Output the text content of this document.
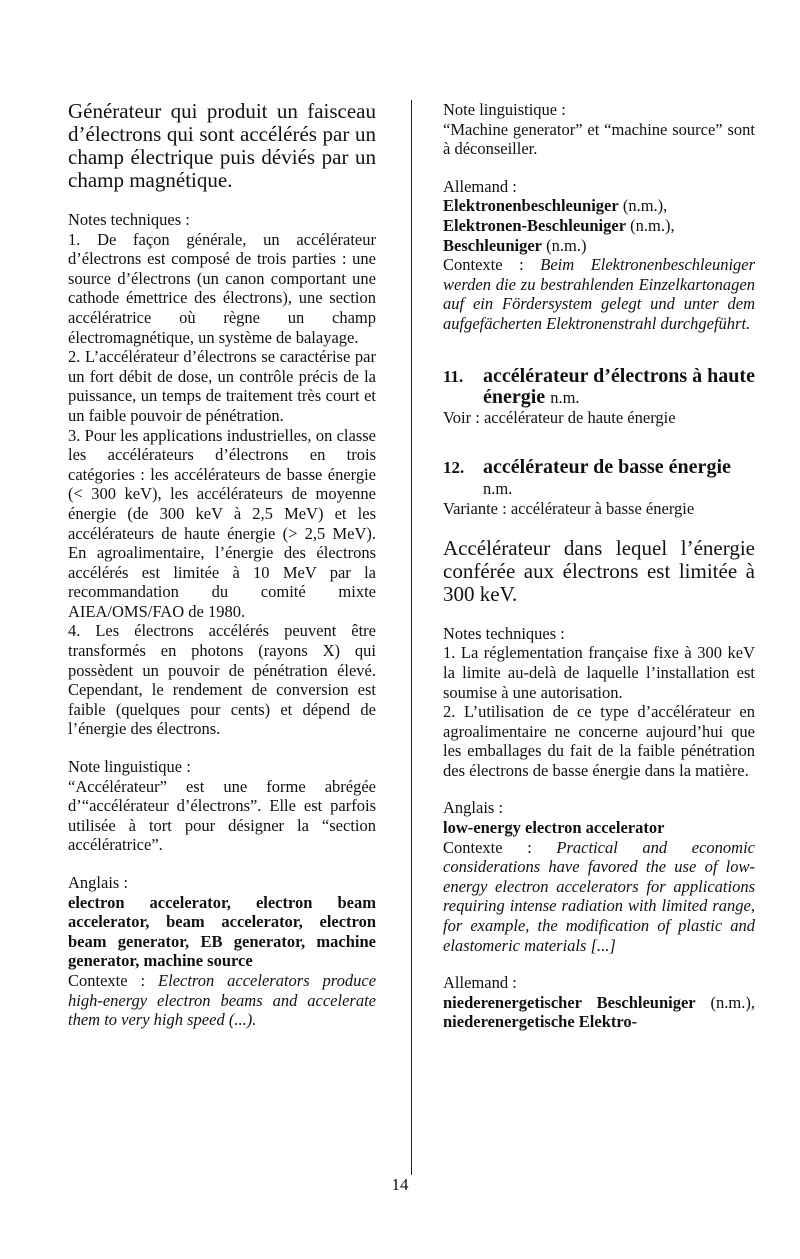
Générateur qui produit un faisceau d’électrons qui sont accélérés par un champ électrique puis déviés par un champ magnétique.

Notes techniques :

1. De façon générale, un accélérateur d’électrons est composé de trois parties : une source d’électrons (un canon comportant une cathode émettrice des électrons), une section accélératrice où règne un champ électromagnétique, un système de balayage.

2. L’accélérateur d’électrons se caractérise par un fort débit de dose, un contrôle précis de la puissance, un temps de traitement très court et un faible pouvoir de pénétration.

3. Pour les applications industrielles, on classe les accélérateurs d’électrons en trois catégories : les accélérateurs de basse énergie (< 300 keV), les accélérateurs de moyenne énergie (de 300 keV à 2,5 MeV) et les accélérateurs de haute énergie (> 2,5 MeV). En agroalimentaire, l’énergie des électrons accélérés est limitée à 10 MeV par la recommandation du comité mixte AIEA/OMS/FAO de 1980.

4. Les électrons accélérés peuvent être transformés en photons (rayons X) qui possèdent un pouvoir de pénétration élevé. Cependant, le rendement de conversion est faible (quelques pour cents) et dépend de l’énergie des électrons.

Note linguistique :

“Accélérateur” est une forme abrégée d’“accélérateur d’électrons”. Elle est parfois utilisée à tort pour désigner la “section accélératrice”.

Anglais :

electron accelerator, electron beam accelerator, beam accelerator, electron beam generator, EB generator, machine generator, machine source

Contexte : Electron accelerators produce high-energy electron beams and accelerate them to very high speed (...).

Note linguistique :

“Machine generator” et “machine source” sont à déconseiller.

Allemand :

Elektronenbeschleuniger (n.m.),

Elektronen-Beschleuniger (n.m.),

Beschleuniger (n.m.)

Contexte : Beim Elektronenbeschleuniger werden die zu bestrahlenden Einzelkartonagen auf ein Fördersystem gelegt und unter dem aufgefächerten Elektronenstrahl durchgeführt.

11. accélérateur d’électrons à haute énergie n.m.

Voir : accélérateur de haute énergie

12. accélérateur de basse énergie n.m.

Variante : accélérateur à basse énergie

Accélérateur dans lequel l’énergie conférée aux électrons est limitée à 300 keV.

Notes techniques :

1. La réglementation française fixe à 300 keV la limite au-delà de laquelle l’installation est soumise à une autorisation.

2. L’utilisation de ce type d’accélérateur en agroalimentaire ne concerne aujourd’hui que les emballages du fait de la faible pénétration des électrons de basse énergie dans la matière.

Anglais :

low-energy electron accelerator

Contexte : Practical and economic considerations have favored the use of low-energy electron accelerators for applications requiring intense radiation with limited range, for example, the modification of plastic and elastomeric materials [...]

Allemand :

niederenergetischer Beschleuniger (n.m.), niederenergetische Elektro-

14
